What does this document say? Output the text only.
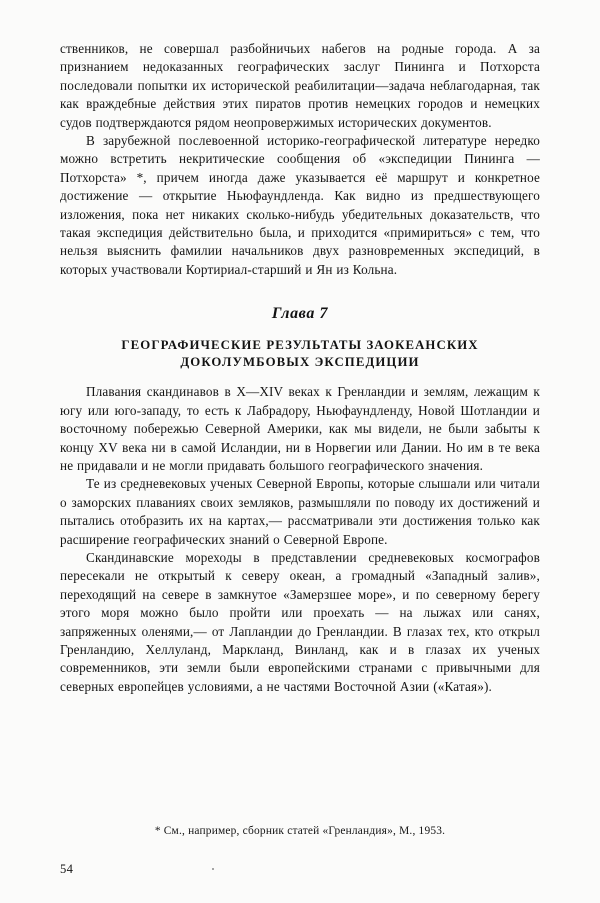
ственников, не совершал разбойничьих набегов на родные города. А за признанием недоказанных географических заслуг Пининга и Потхорста последовали попытки их исторической реабилитации—задача неблагодарная, так как враждебные действия этих пиратов против немецких городов и немецких судов подтверждаются рядом неопровержимых исторических документов.

В зарубежной послевоенной историко-географической литературе нередко можно встретить некритические сообщения об «экспедиции Пининга — Потхорста» *, причем иногда даже указывается её маршрут и конкретное достижение — открытие Ньюфаундленда. Как видно из предшествующего изложения, пока нет никаких сколько-нибудь убедительных доказательств, что такая экспедиция действительно была, и приходится «примириться» с тем, что нельзя выяснить фамилии начальников двух разновременных экспедиций, в которых участвовали Кортириал-старший и Ян из Кольна.

Глава 7
ГЕОГРАФИЧЕСКИЕ РЕЗУЛЬТАТЫ ЗАОКЕАНСКИХ
ДОКОЛУМБОВЫХ ЭКСПЕДИЦИИ

Плавания скандинавов в X—XIV веках к Гренландии и землям, лежащим к югу или юго-западу, то есть к Лабрадору, Ньюфаундленду, Новой Шотландии и восточному побережью Северной Америки, как мы видели, не были забыты к концу XV века ни в самой Исландии, ни в Норвегии или Дании. Но им в те века не придавали и не могли придавать большого географического значения.

Те из средневековых ученых Северной Европы, которые слышали или читали о заморских плаваниях своих земляков, размышляли по поводу их достижений и пытались отобразить их на картах,— рассматривали эти достижения только как расширение географических знаний о Северной Европе.

Скандинавские мореходы в представлении средневековых космографов пересекали не открытый к северу океан, а громадный «Западный залив», переходящий на севере в замкнутое «Замерзшее море», и по северному берегу этого моря можно было пройти или проехать — на лыжах или санях, запряженных оленями,— от Лапландии до Гренландии. В глазах тех, кто открыл Гренландию, Хеллуланд, Маркланд, Винланд, как и в глазах их ученых современников, эти земли были европейскими странами с привычными для северных европейцев условиями, а не частями Восточной Азии («Катая»).

* См., например, сборник статей «Гренландия», М., 1953.
54
